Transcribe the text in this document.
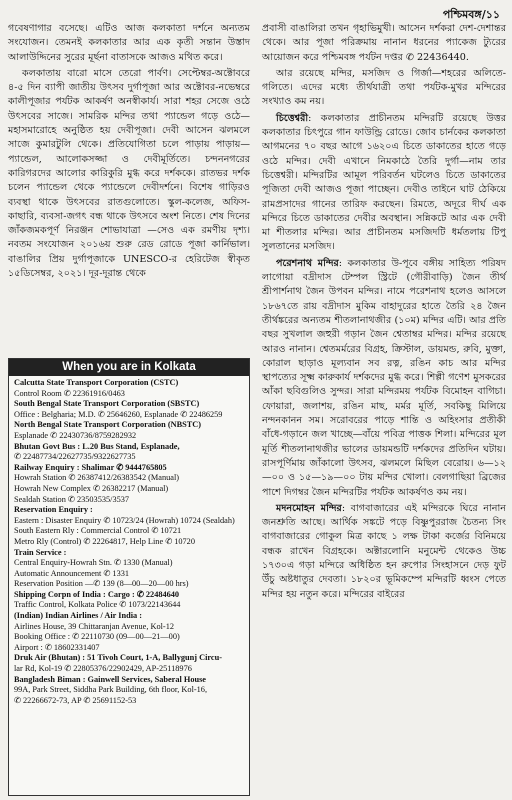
পশ্চিমবঙ্গ/১১

গবেষণাগার বসেছে। এটিও আজ কলকাতা দর্শনে অন্যতম সংযোজন। তেমনই কলকাতার আর এক কৃতী সন্তান উস্তাদ আলাউদ্দিনের সুরের মূর্ছনা বাতাসকে আজও মথিত করে।

কলকাতায় বারো মাসে তেরো পার্বণ। সেপ্টেম্বর-অক্টোবরে ৪-৫ দিন ব্যাপী জাতীয় উৎসব দুর্গাপূজা আর অক্টোবর-নভেম্বরে কালীপূজার পর্যটক আকর্ষণ অনস্বীকার্য। সারা শহর সেজে ওঠে উৎসবের সাজে। সামরিক মন্দির তথা প্যান্ডেল গড়ে ওঠে—মহাসমারোহে অনুষ্ঠিত হয় দেবীপূজা। দেবী আসেন ঝলমলে সাজে কুমারটুলি থেকে। প্রতিযোগিতা চলে পাড়ায় পাড়ায়—প্যান্ডেল, আলোকসজ্জা ও দেবীমূর্তিতে। চন্দননগরের কারিগরদের আলোর কারিকুরি মুগ্ধ করে দর্শককে। রাতভর দর্শক চলেন প্যান্ডেল থেকে প্যান্ডেলে দেবীদর্শনে। বিশেষ গাড়িরও ব্যবস্থা থাকে উৎসবের রাতগুলোতে। স্কুল-কলেজ, অফিস-কাছারি, ব্যবসা-জগৎ বন্ধ থাকে উৎসবে অংশ নিতে। শেষ দিনের জাঁকজমকপূর্ণ নিরঞ্জন শোভাযাত্রা —সেও এক রমণীয় দৃশ্য। নবতম সংযোজন ২০১৬য় শুরু রেড রোডে পূজা কার্নিভাল। বাঙালির প্রিয় দুর্গাপূজাকে UNESCO-র হেরিটেজ স্বীকৃত ১৫ডিসেম্বর, ২০২১। দূর-দূরান্ত থেকে

When you are in Kolkata
Calcutta State Transport Corporation (CSTC)
Control Room ✆ 22361916/0463
South Bengal State Transport Corporation (SBSTC)
Office : Belgharia; M.D. ✆ 25646260, Esplanade ✆ 22486259
North Bengal State Transport Corporation (NBSTC)
Esplanade ✆ 22430736/8759282932
Bhutan Govt Bus : L.20 Bus Stand, Esplanade,
✆ 22487734/22627735/9322627735
Railway Enquiry : Shalimar ✆ 9444765805
Howrah Station ✆ 26387412/26383542 (Manual)
Howrah New Complex ✆ 26382217 (Manual)
Sealdah Station ✆ 23503535/3537
Reservation Enquiry :
Eastern : Disaster Enquiry ✆ 10723/24 (Howrah) 10724 (Sealdah)
South Eastern Rly : Commercial Control ✆ 10721
Metro Rly (Control) ✆ 22264817, Help Line ✆ 10720
Train Service :
Central Enquiry-Howrah Stn. ✆ 1330 (Manual)
Automatic Announcement ✆ 1331
Reservation Position —✆ 139 (8—00—20—00 hrs)
Shipping Corpn of India : Cargo : ✆ 22484640
Traffic Control, Kolkata Police ✆ 1073/22143644
(Indian) Indian Airlines / Air India :
Airlines House, 39 Chittaranjan Avenue, Kol-12
Booking Office : ✆ 22110730 (09—00—21—00)
Airport : ✆ 18602331407
Druk Air (Bhutan) : 51 Tivoh Court, 1-A, Ballygunj Circu-
lar Rd, Kol-19 ✆ 22805376/22902429, AP-25118976
Bangladesh Biman : Gainwell Services, Saberal House
99A, Park Street, Siddha Park Building, 6th floor, Kol-16,
✆ 22266672-73, AP ✆ 25691152-53

প্রবাসী বাঙালিরা তখন গৃহাভিমুখী। আসেন দর্শকরা দেশ-দেশান্তর থেকে। আর পূজা পরিক্রমায় নানান ধরনের প্যাকেজ ট্যুরের আয়োজন করে পশ্চিমবঙ্গ পর্যটন দপ্তর ✆ 22436440.

আর রয়েছে মন্দির, মসজিদ ও গির্জা—শহরের অলিতে-গলিতে। এদের মধ্যে তীর্থযাত্রী তথা পর্যটক-মুখর মন্দিরের সংখ্যাও কম নয়।

চিত্তেশ্বরী: কলকাতার প্রাচীনতম মন্দিরটি রয়েছে উত্তর কলকাতার চিৎপুরে গান ফাউন্ড্রি রোডে। জোব চার্নকের কলকাতা আগমনের ৭০ বছর আগে ১৬২০এ চিতে ডাকাতের হাতে গড়ে ওঠে মন্দির। দেবী এখানে নিমকাঠে তৈরি দুর্গা—নাম তার চিত্তেশ্বরী। মন্দিরটির আমূল পরিবর্তন ঘটলেও চিতে ডাকাতের পূজিতা দেবী আজও পূজা পাচ্ছেন। দেবীও তাইনে ঘাট ঠেকিয়ে রামপ্রসাদের গানের তারিফ করছেন। রিমতে, অদূরে দীর্ঘ এক মন্দিরে চিতে ডাকাতের দেবীর অবস্থান। সন্নিকটে আর এক দেবী মা শীতলার মন্দির। আর প্রাচীনতম মসজিদটি ধর্মতলায় টিপু সুলতানের মসজিদ।

পরেশনাথ মন্দির: কলকাতার উ-পূবে বঙ্গীয় সাহিত্য পরিষদ লাগোয়া বদ্রীদাস টেম্পল স্ট্রিটে (গৌরীবাড়ি) জৈন তীর্থ শ্রীপার্শনাথ জৈন উপবন মন্দির। নামে পরেশনাথ হলেও আসলে ১৮৬৭তে রায় বদ্রীদাস মুকিম বাহাদুরের হাতে তৈরি ২৪ জৈন তীর্থঙ্করের অন্যতম শীতলানাথজীর (১০ম) মন্দির এটি। আর প্রতি বছর সুখলাল জহুরী গড়ান জৈন শ্বেতাম্বর মন্দির। মন্দির রয়েছে আরও নানান। শ্বেতমর্মরের বিগ্রহ, ক্রিস্টাল, ডায়মন্ড, রুবি, মুক্তা, কোরাল ছাড়াও মূল্যবান সব রত্ন, রঙিন কাচ আর মন্দির স্থাপত্যের সূক্ষ্ম কারুকার্য দর্শকদের মুগ্ধ করে। শিল্পী গণেশ মুসকরের আঁকা ছবিগুলিও সুন্দর। সারা মন্দিরময় পর্যটক বিমোহন বাগিচা। ফোয়ারা, জলাশয়, রঙিন মাছ, মর্মর মূর্তি, সবকিছু মিলিয়ে নন্দনকানন সম। সরোবরের পাড়ে শান্তি ও অহিংসার প্রতীকী বাঁধে-গড়ানে জল খাচ্ছে—বাঁয়ে পবিত্র পাত্তক শিলা। মন্দিরের মূল মূর্তি শীতলানাথজীর ভালের ডায়মন্ডটি দর্শকদের প্রতিদিন ঘটায়। রাসপূর্ণিমায় জাঁকালো উৎসব, ঝলমলে মিছিল বেরোয়। ৬—১২—০০ ও ১৫—১৯—০০ টায় মন্দির খোলা। বেলগাছিয়া ব্রিজের পাশে দিগম্বর জৈন মন্দিরটির পর্যটক আকর্ষণও কম নয়।

মদনমোহন মন্দির: বাগবাজারের এই মন্দিরকে ঘিরে নানান জনশ্রুতি আছে। আর্থিক সঙ্কটে পড়ে বিষ্ণুপুররাজ চৈতন্য সিং বাগবাজারের গোকুল মিত্র কাছে ১ লক্ষ টাকা কর্জের বিনিময়ে বন্ধক রাখেন বিগ্রহকে। অক্টারলোনি মনুমেন্ট থেকেও উচ্চ ১৭৩০এ গড়া মন্দিরে অধিষ্ঠিত হন রুপোর সিংহাসনে দেড় ফুট উঁচু অষ্টধাতুর দেবতা। ১৮২০র ভূমিকম্পে মন্দিরটি ধ্বংস পেতে মন্দির হয় নতুন করে। মন্দিরের বাইরের
